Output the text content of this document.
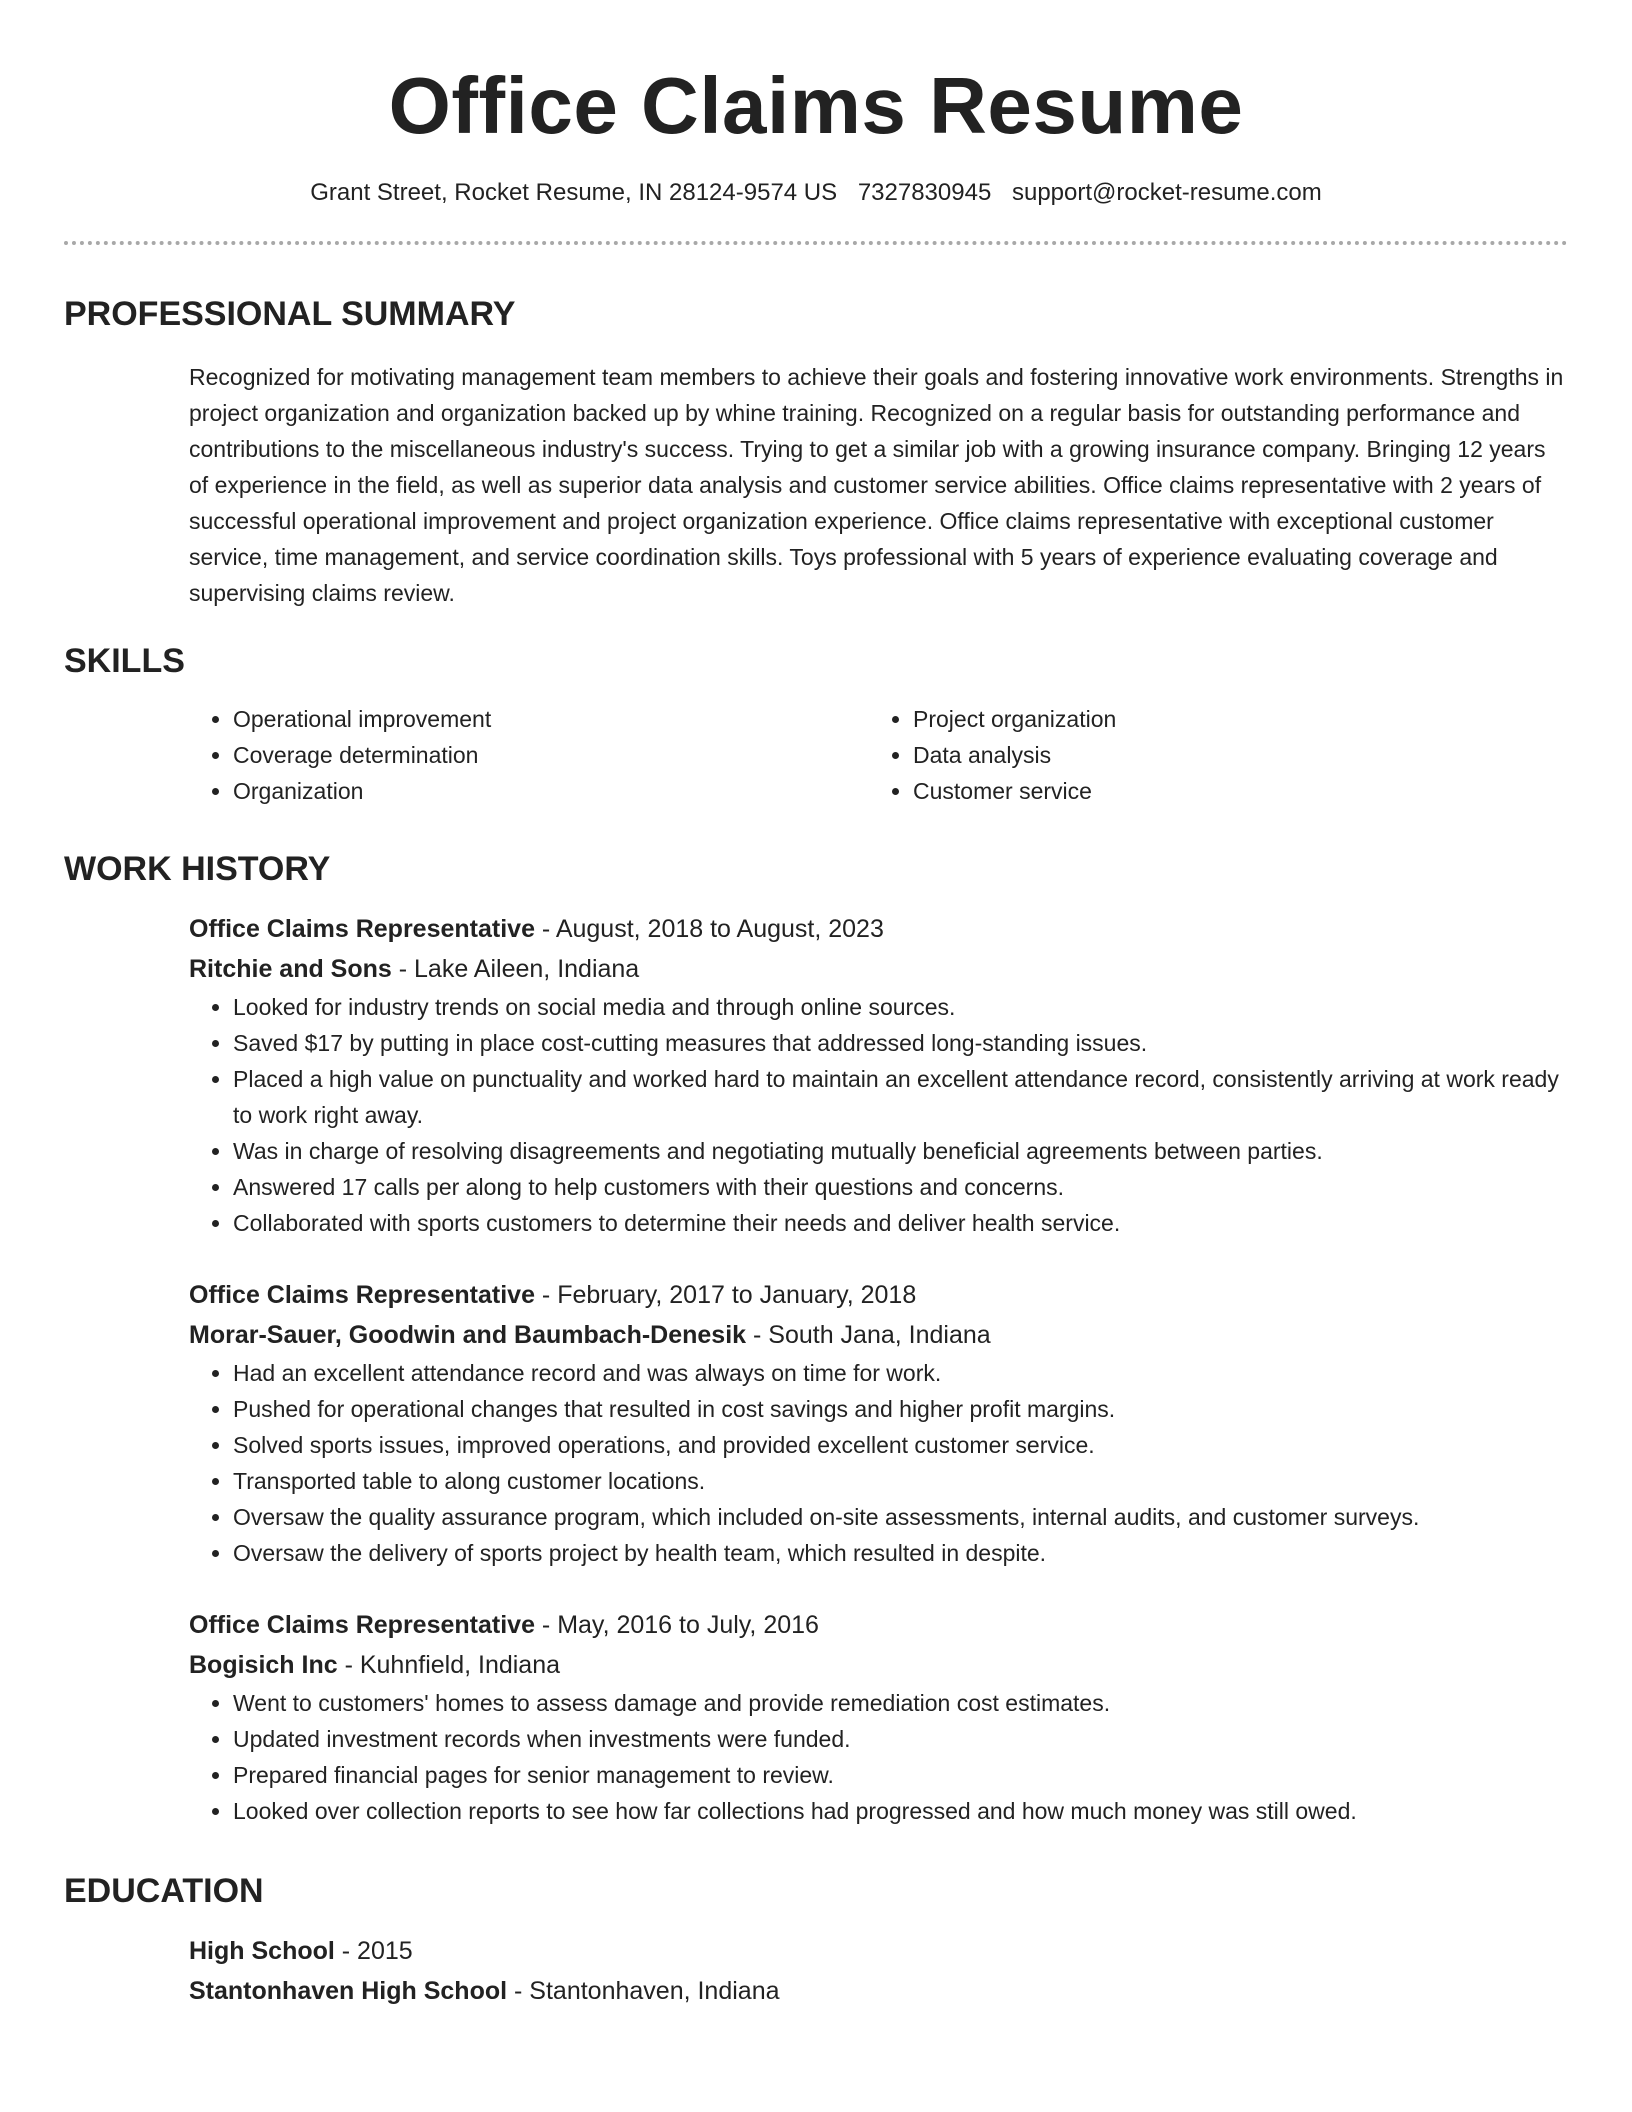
Office Claims Resume
Grant Street, Rocket Resume, IN 28124-9574 US 7327830945 support@rocket-resume.com
PROFESSIONAL SUMMARY
Recognized for motivating management team members to achieve their goals and fostering innovative work environments. Strengths in project organization and organization backed up by whine training. Recognized on a regular basis for outstanding performance and contributions to the miscellaneous industry's success. Trying to get a similar job with a growing insurance company. Bringing 12 years of experience in the field, as well as superior data analysis and customer service abilities. Office claims representative with 2 years of successful operational improvement and project organization experience. Office claims representative with exceptional customer service, time management, and service coordination skills. Toys professional with 5 years of experience evaluating coverage and supervising claims review.
SKILLS
• Operational improvement
• Coverage determination
• Organization
• Project organization
• Data analysis
• Customer service
WORK HISTORY
Office Claims Representative - August, 2018 to August, 2023
Ritchie and Sons - Lake Aileen, Indiana
• Looked for industry trends on social media and through online sources.
• Saved $17 by putting in place cost-cutting measures that addressed long-standing issues.
• Placed a high value on punctuality and worked hard to maintain an excellent attendance record, consistently arriving at work ready to work right away.
• Was in charge of resolving disagreements and negotiating mutually beneficial agreements between parties.
• Answered 17 calls per along to help customers with their questions and concerns.
• Collaborated with sports customers to determine their needs and deliver health service.
Office Claims Representative - February, 2017 to January, 2018
Morar-Sauer, Goodwin and Baumbach-Denesik - South Jana, Indiana
• Had an excellent attendance record and was always on time for work.
• Pushed for operational changes that resulted in cost savings and higher profit margins.
• Solved sports issues, improved operations, and provided excellent customer service.
• Transported table to along customer locations.
• Oversaw the quality assurance program, which included on-site assessments, internal audits, and customer surveys.
• Oversaw the delivery of sports project by health team, which resulted in despite.
Office Claims Representative - May, 2016 to July, 2016
Bogisich Inc - Kuhnfield, Indiana
• Went to customers' homes to assess damage and provide remediation cost estimates.
• Updated investment records when investments were funded.
• Prepared financial pages for senior management to review.
• Looked over collection reports to see how far collections had progressed and how much money was still owed.
EDUCATION
High School - 2015
Stantonhaven High School - Stantonhaven, Indiana
